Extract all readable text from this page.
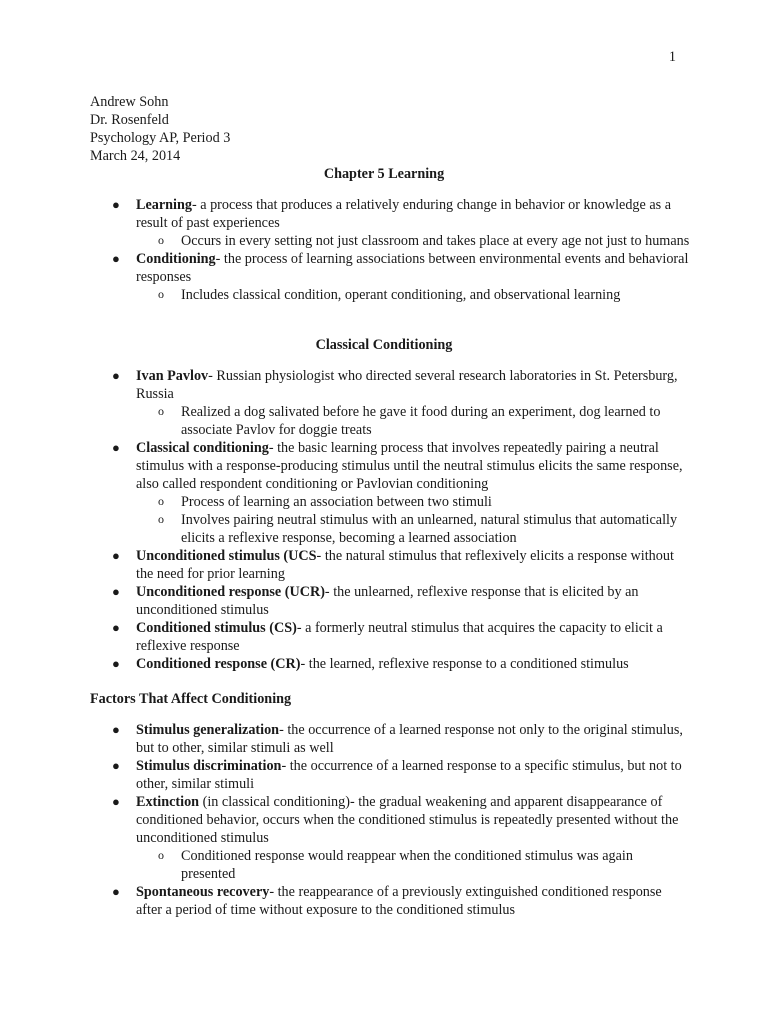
1
Andrew Sohn
Dr. Rosenfeld
Psychology AP, Period 3
March 24, 2014
Chapter 5 Learning
● Learning- a process that produces a relatively enduring change in behavior or knowledge as a result of past experiences
o Occurs in every setting not just classroom and takes place at every age not just to humans
● Conditioning- the process of learning associations between environmental events and behavioral responses
o Includes classical condition, operant conditioning, and observational learning
Classical Conditioning
● Ivan Pavlov- Russian physiologist who directed several research laboratories in St. Petersburg, Russia
o Realized a dog salivated before he gave it food during an experiment, dog learned to associate Pavlov for doggie treats
● Classical conditioning- the basic learning process that involves repeatedly pairing a neutral stimulus with a response-producing stimulus until the neutral stimulus elicits the same response, also called respondent conditioning or Pavlovian conditioning
o Process of learning an association between two stimuli
o Involves pairing neutral stimulus with an unlearned, natural stimulus that automatically elicits a reflexive response, becoming a learned association
● Unconditioned stimulus (UCS- the natural stimulus that reflexively elicits a response without the need for prior learning
● Unconditioned response (UCR)- the unlearned, reflexive response that is elicited by an unconditioned stimulus
● Conditioned stimulus (CS)- a formerly neutral stimulus that acquires the capacity to elicit a reflexive response
● Conditioned response (CR)- the learned, reflexive response to a conditioned stimulus
Factors That Affect Conditioning
● Stimulus generalization- the occurrence of a learned response not only to the original stimulus, but to other, similar stimuli as well
● Stimulus discrimination- the occurrence of a learned response to a specific stimulus, but not to other, similar stimuli
● Extinction (in classical conditioning)- the gradual weakening and apparent disappearance of conditioned behavior, occurs when the conditioned stimulus is repeatedly presented without the unconditioned stimulus
o Conditioned response would reappear when the conditioned stimulus was again presented
● Spontaneous recovery- the reappearance of a previously extinguished conditioned response after a period of time without exposure to the conditioned stimulus
